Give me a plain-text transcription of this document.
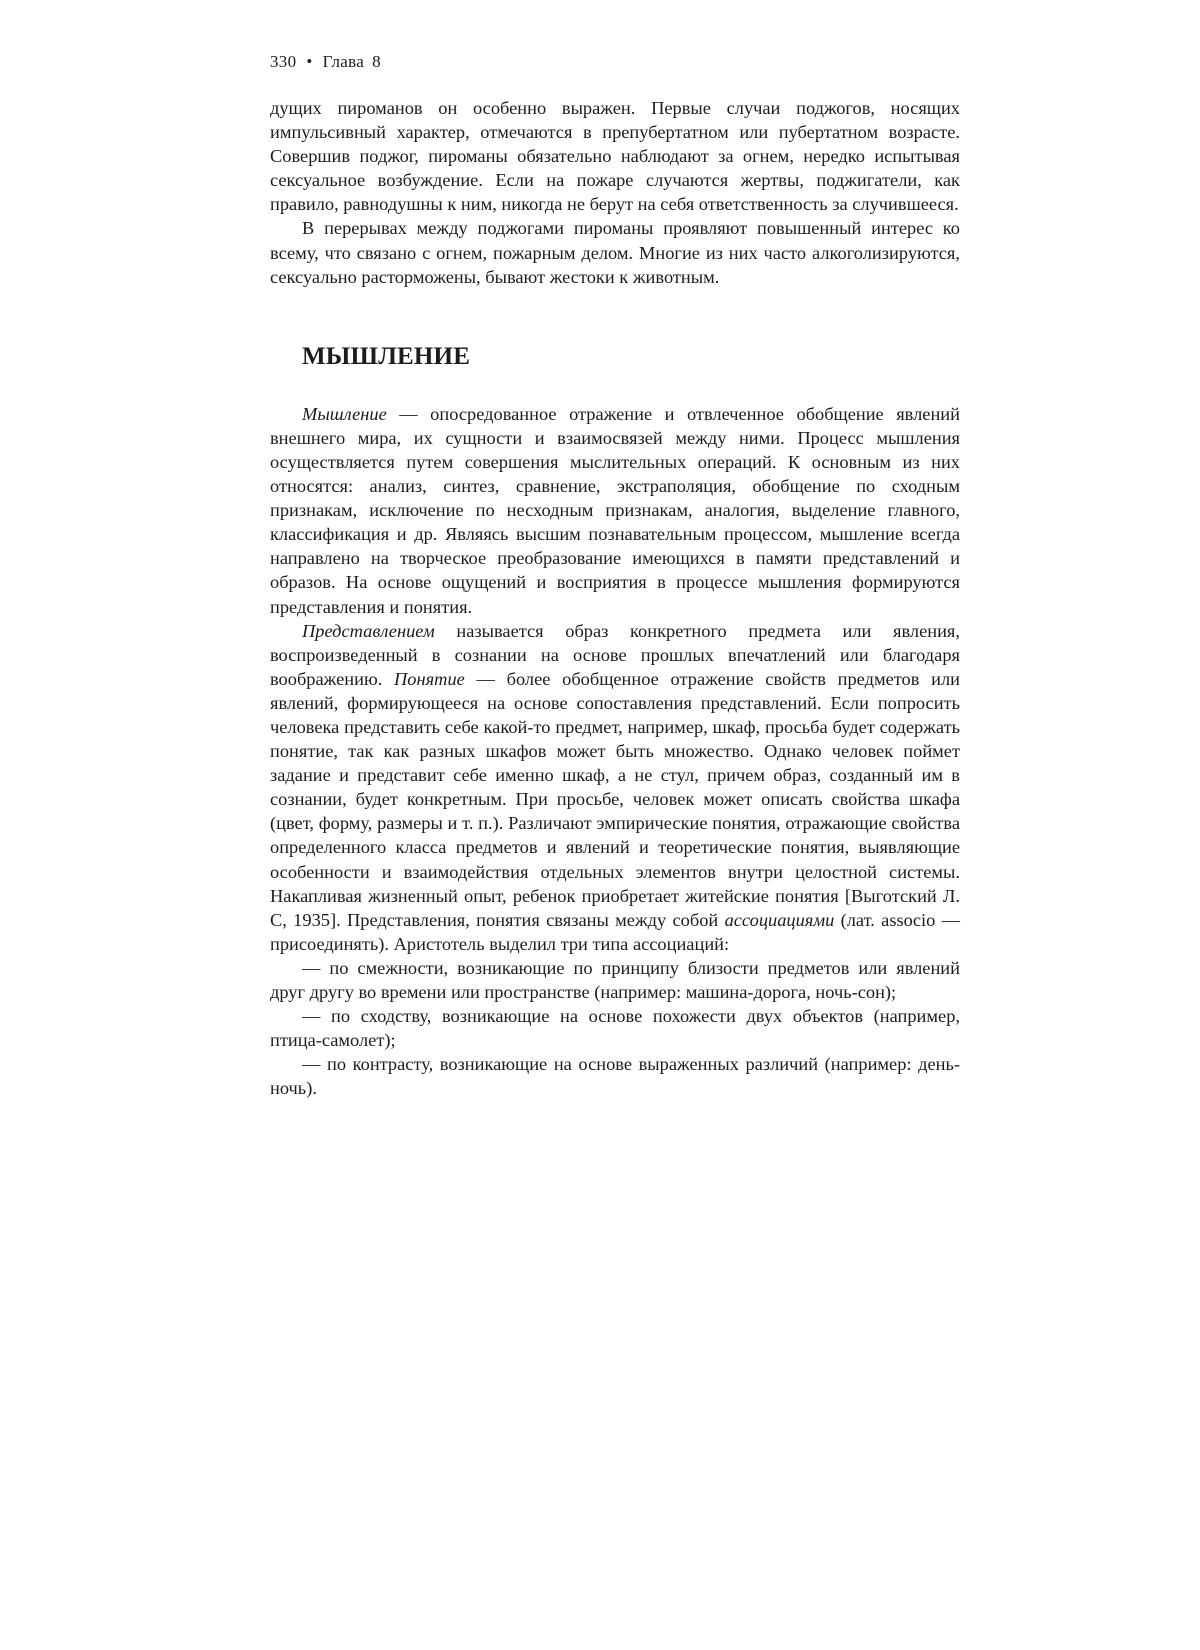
330 • Глава 8

дущих пироманов он особенно выражен. Первые случаи поджогов, носящих импульсивный характер, отмечаются в препубертатном или пубертатном возрасте. Совершив поджог, пироманы обязательно наблюдают за огнем, нередко испытывая сексуальное возбуждение. Если на пожаре случаются жертвы, поджигатели, как правило, равнодушны к ним, никогда не берут на себя ответственность за случившееся.

В перерывах между поджогами пироманы проявляют повышенный интерес ко всему, что связано с огнем, пожарным делом. Многие из них часто алкоголизируются, сексуально расторможены, бывают жестоки к животным.

МЫШЛЕНИЕ

Мышление — опосредованное отражение и отвлеченное обобщение явлений внешнего мира, их сущности и взаимосвязей между ними. Процесс мышления осуществляется путем совершения мыслительных операций. К основным из них относятся: анализ, синтез, сравнение, экстраполяция, обобщение по сходным признакам, исключение по несходным признакам, аналогия, выделение главного, классификация и др. Являясь высшим познавательным процессом, мышление всегда направлено на творческое преобразование имеющихся в памяти представлений и образов. На основе ощущений и восприятия в процессе мышления формируются представления и понятия.

Представлением называется образ конкретного предмета или явления, воспроизведенный в сознании на основе прошлых впечатлений или благодаря воображению. Понятие — более обобщенное отражение свойств предметов или явлений, формирующееся на основе сопоставления представлений. Если попросить человека представить себе какой-то предмет, например, шкаф, просьба будет содержать понятие, так как разных шкафов может быть множество. Однако человек поймет задание и представит себе именно шкаф, а не стул, причем образ, созданный им в сознании, будет конкретным. При просьбе, человек может описать свойства шкафа (цвет, форму, размеры и т. п.). Различают эмпирические понятия, отражающие свойства определенного класса предметов и явлений и теоретические понятия, выявляющие особенности и взаимодействия отдельных элементов внутри целостной системы. Накапливая жизненный опыт, ребенок приобретает житейские понятия [Выготский Л. С, 1935]. Представления, понятия связаны между собой ассоциациями (лат. associo — присоединять). Аристотель выделил три типа ассоциаций:

— по смежности, возникающие по принципу близости предметов или явлений друг другу во времени или пространстве (например: машина-дорога, ночь-сон);

— по сходству, возникающие на основе похожести двух объектов (например, птица-самолет);

— по контрасту, возникающие на основе выраженных различий (например: день-ночь).
